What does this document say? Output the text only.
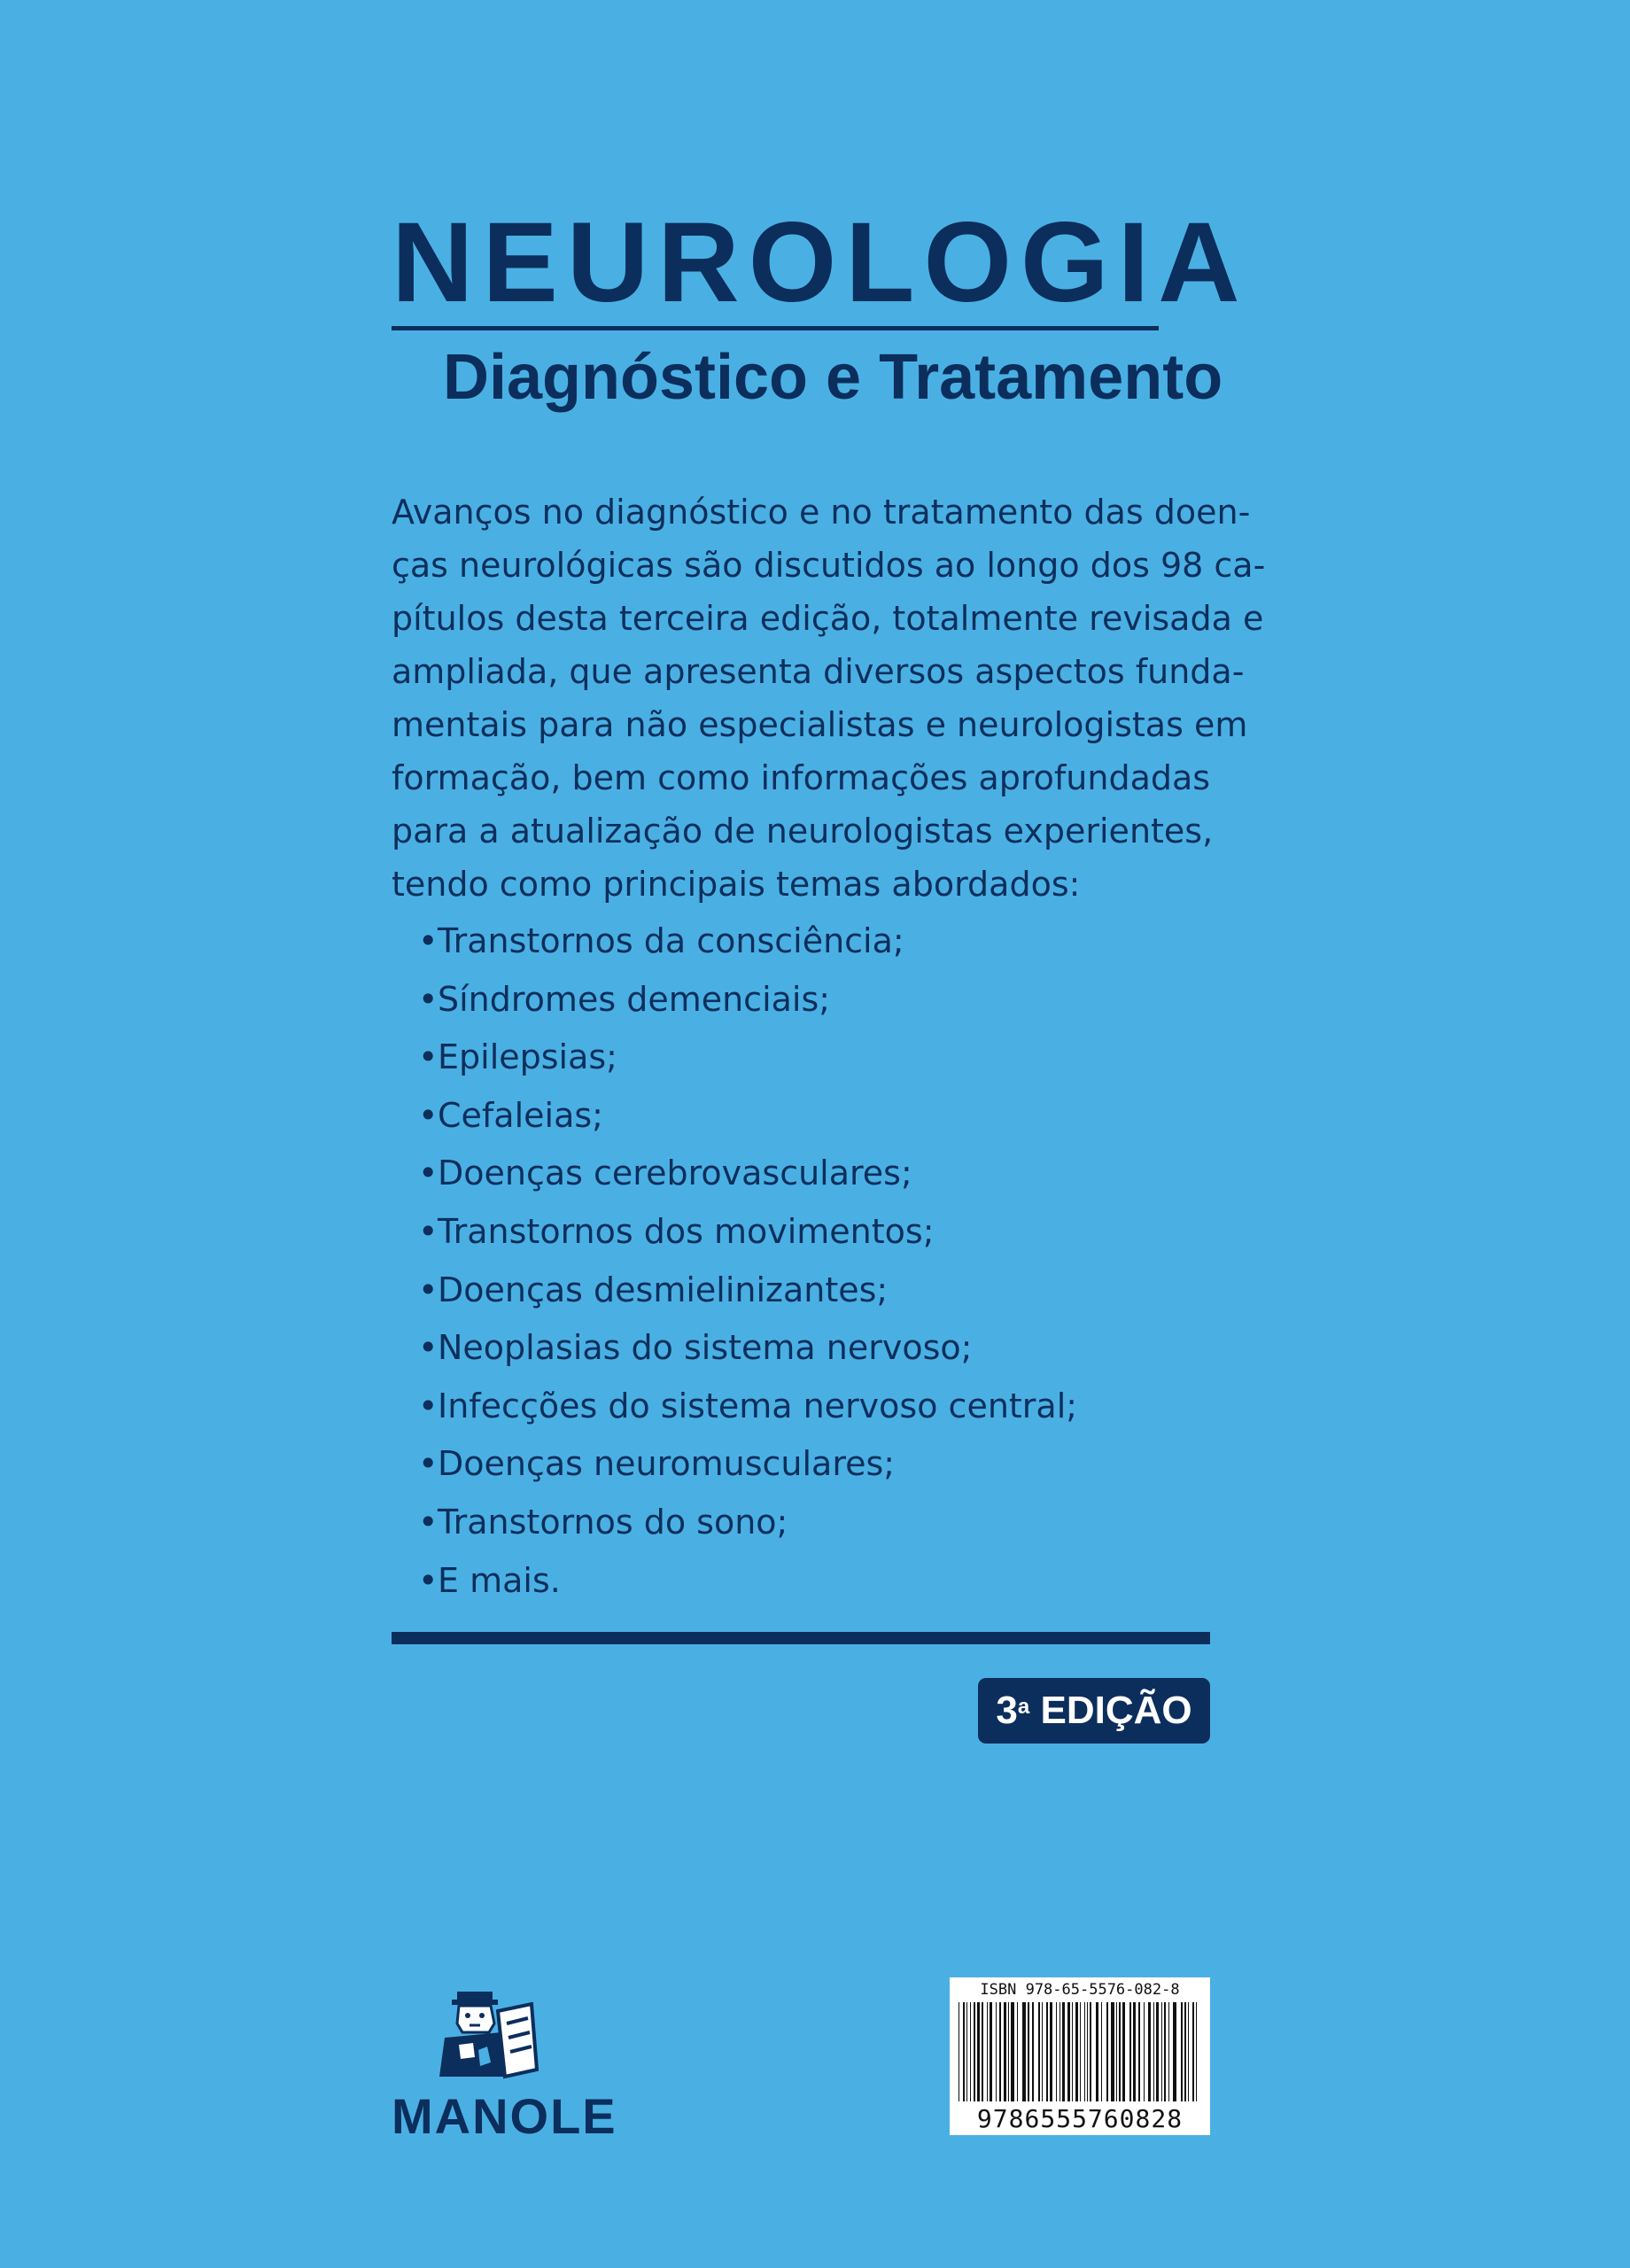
NEUROLOGIA
Diagnóstico e Tratamento

Avanços no diagnóstico e no tratamento das doen-
ças neurológicas são discutidos ao longo dos 98 ca-
pítulos desta terceira edição, totalmente revisada e
ampliada, que apresenta diversos aspectos funda-
mentais para não especialistas e neurologistas em
formação, bem como informações aprofundadas
para a atualização de neurologistas experientes,
tendo como principais temas abordados:

•Transtornos da consciência;
•Síndromes demenciais;
•Epilepsias;
•Cefaleias;
•Doenças cerebrovasculares;
•Transtornos dos movimentos;
•Doenças desmielinizantes;
•Neoplasias do sistema nervoso;
•Infecções do sistema nervoso central;
•Doenças neuromusculares;
•Transtornos do sono;
•E mais.
3$^a$
EDIÇÃO
MANOLE
ISBN 978-65-5576-082-8
9786555760828
